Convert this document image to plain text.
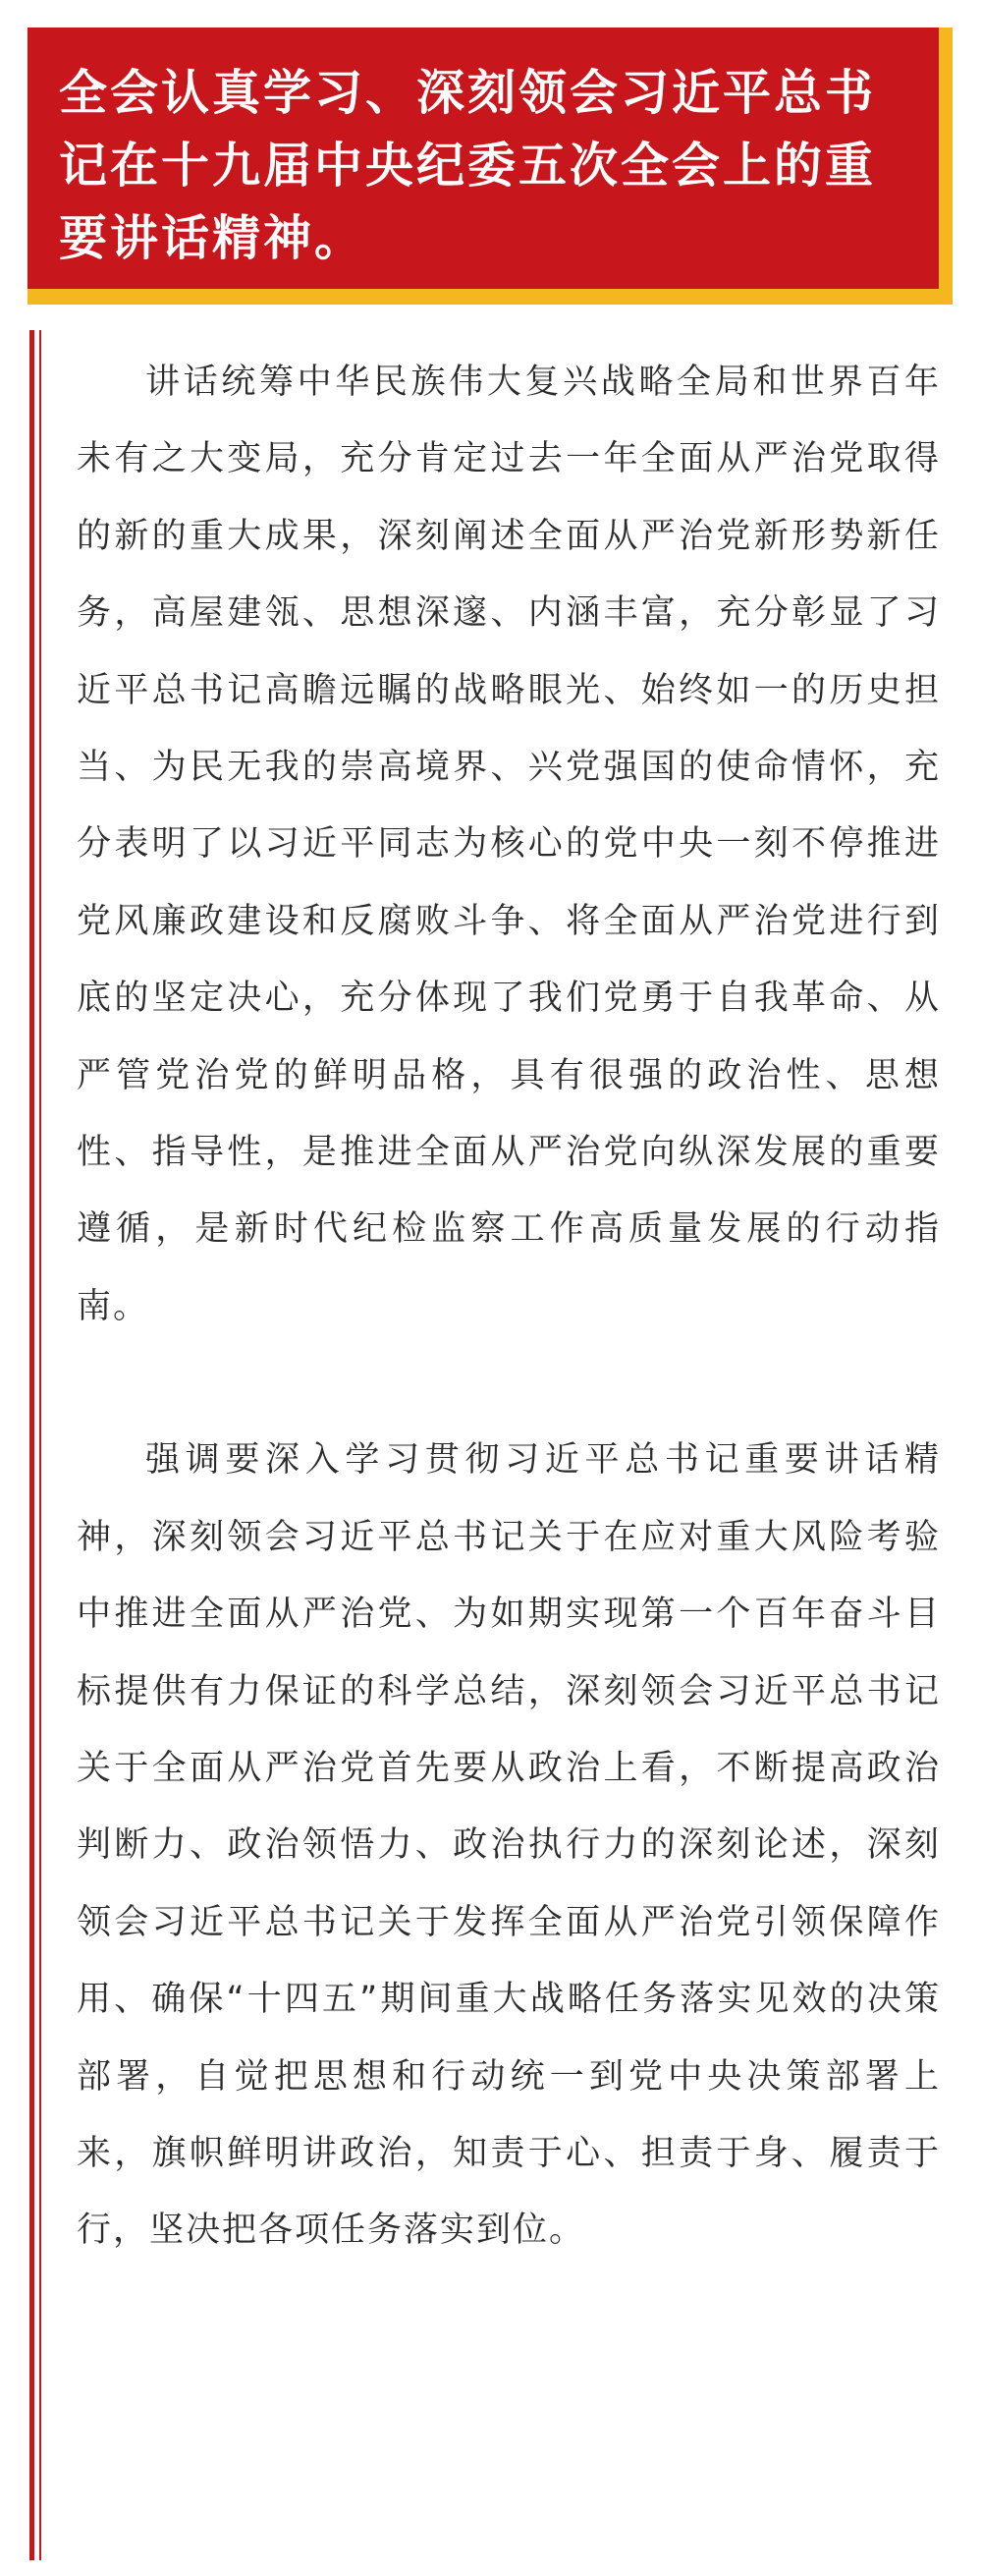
全会认真学习、深刻领会习近平总书记在十九届中央纪委五次全会上的重要讲话精神。

讲话统筹中华民族伟大复兴战略全局和世界百年未有之大变局，充分肯定过去一年全面从严治党取得的新的重大成果，深刻阐述全面从严治党新形势新任务，高屋建瓴、思想深邃、内涵丰富，充分彰显了习近平总书记高瞻远瞩的战略眼光、始终如一的历史担当、为民无我的崇高境界、兴党强国的使命情怀，充分表明了以习近平同志为核心的党中央一刻不停推进党风廉政建设和反腐败斗争、将全面从严治党进行到底的坚定决心，充分体现了我们党勇于自我革命、从严管党治党的鲜明品格，具有很强的政治性、思想性、指导性，是推进全面从严治党向纵深发展的重要遵循，是新时代纪检监察工作高质量发展的行动指南。

强调要深入学习贯彻习近平总书记重要讲话精神，深刻领会习近平总书记关于在应对重大风险考验中推进全面从严治党、为如期实现第一个百年奋斗目标提供有力保证的科学总结，深刻领会习近平总书记关于全面从严治党首先要从政治上看，不断提高政治判断力、政治领悟力、政治执行力的深刻论述，深刻领会习近平总书记关于发挥全面从严治党引领保障作用、确保“十四五”期间重大战略任务落实见效的决策部署，自觉把思想和行动统一到党中央决策部署上来，旗帜鲜明讲政治，知责于心、担责于身、履责于行，坚决把各项任务落实到位。
